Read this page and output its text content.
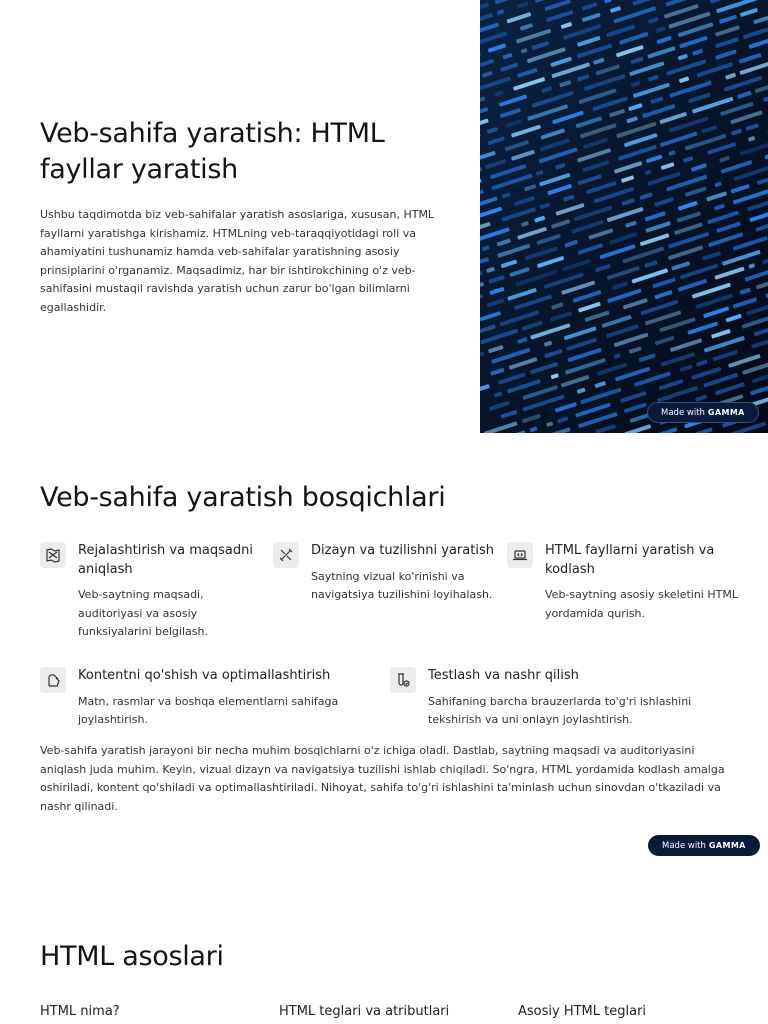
Veb-sahifa yaratish: HTML fayllar yaratish

Ushbu taqdimotda biz veb-sahifalar yaratish asoslariga, xususan, HTML fayllarni yaratishga kirishamiz. HTMLning veb-taraqqiyotidagi roli va ahamiyatini tushunamiz hamda veb-sahifalar yaratishning asosiy prinsiplarini o'rganamiz. Maqsadimiz, har bir ishtirokchining o'z veb-sahifasini mustaqil ravishda yaratish uchun zarur bo'lgan bilimlarni egallashidir.

Made with GAMMA
Veb-sahifa yaratish bosqichlari
Rejalashtirish va maqsadni aniqlash
Veb-saytning maqsadi, auditoriyasi va asosiy funksiyalarini belgilash.
Dizayn va tuzilishni yaratish
Saytning vizual ko'rinishi va navigatsiya tuzilishini loyihalash.
HTML fayllarni yaratish va kodlash
Veb-saytning asosiy skeletini HTML yordamida qurish.
Kontentni qo'shish va optimallashtirish
Matn, rasmlar va boshqa elementlarni sahifaga joylashtirish.
Testlash va nashr qilish
Sahifaning barcha brauzerlarda to'g'ri ishlashini tekshirish va uni onlayn joylashtirish.

Veb-sahifa yaratish jarayoni bir necha muhim bosqichlarni o'z ichiga oladi. Dastlab, saytning maqsadi va auditoriyasini aniqlash juda muhim. Keyin, vizual dizayn va navigatsiya tuzilishi ishlab chiqiladi. So'ngra, HTML yordamida kodlash amalga oshiriladi, kontent qo'shiladi va optimallashtiriladi. Nihoyat, sahifa to'g'ri ishlashini ta'minlash uchun sinovdan o'tkaziladi va nashr qilinadi.

Made with GAMMA
HTML asoslari
HTML nima?	HTML teglari va atributlari	Asosiy HTML teglari
